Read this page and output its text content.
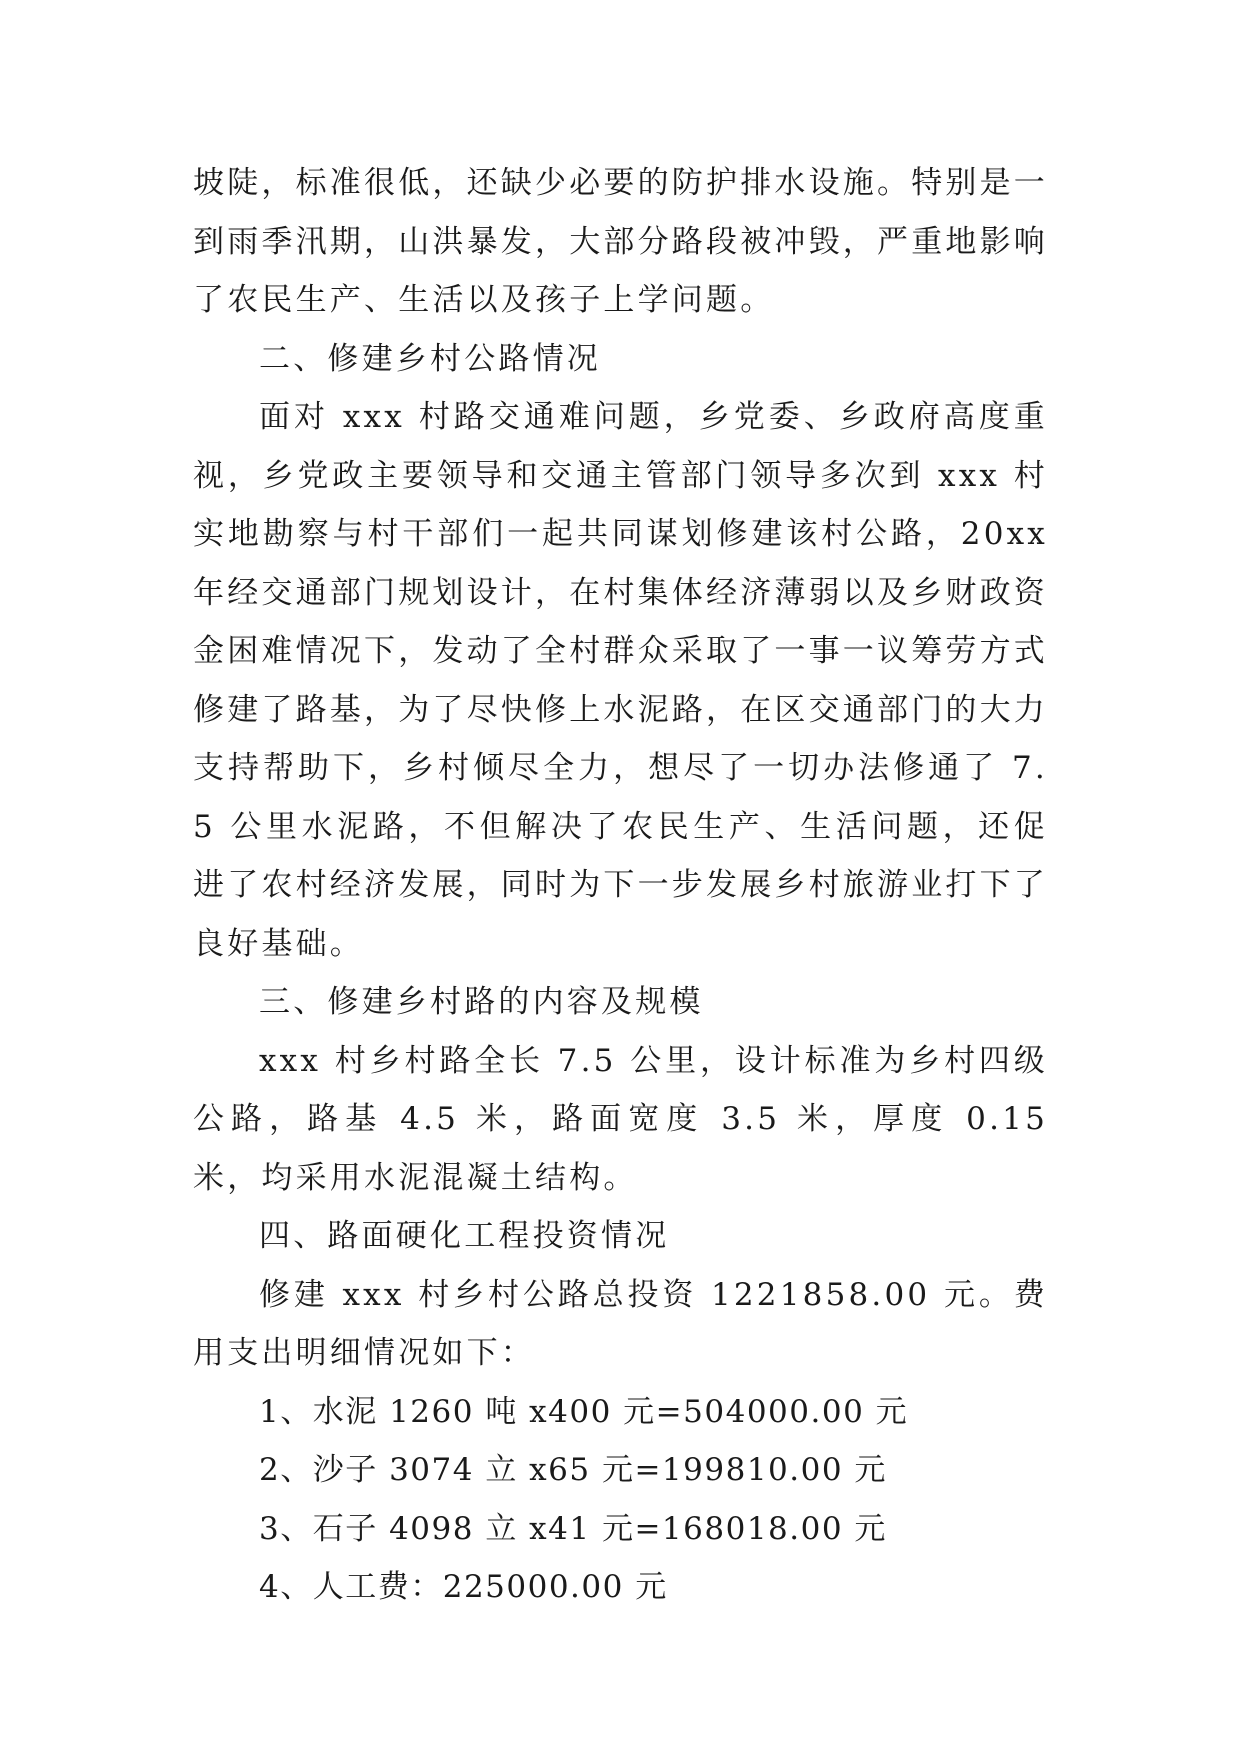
坡陡，标准很低，还缺少必要的防护排水设施。特别是一到雨季汛期，山洪暴发，大部分路段被冲毁，严重地影响了农民生产、生活以及孩子上学问题。

二、修建乡村公路情况

面对 xxx 村路交通难问题，乡党委、乡政府高度重视，乡党政主要领导和交通主管部门领导多次到 xxx 村实地勘察与村干部们一起共同谋划修建该村公路，20xx 年经交通部门规划设计，在村集体经济薄弱以及乡财政资金困难情况下，发动了全村群众采取了一事一议筹劳方式修建了路基，为了尽快修上水泥路，在区交通部门的大力支持帮助下，乡村倾尽全力，想尽了一切办法修通了 7.5 公里水泥路，不但解决了农民生产、生活问题，还促进了农村经济发展，同时为下一步发展乡村旅游业打下了良好基础。

三、修建乡村路的内容及规模

xxx 村乡村路全长 7.5 公里，设计标准为乡村四级公路，路基 4.5 米，路面宽度 3.5 米，厚度 0.15 米，均采用水泥混凝土结构。

四、路面硬化工程投资情况

修建 xxx 村乡村公路总投资 1221858.00 元。费用支出明细情况如下：

1、水泥 1260 吨 x400 元=504000.00 元

2、沙子 3074 立 x65 元=199810.00 元

3、石子 4098 立 x41 元=168018.00 元

4、人工费：225000.00 元
